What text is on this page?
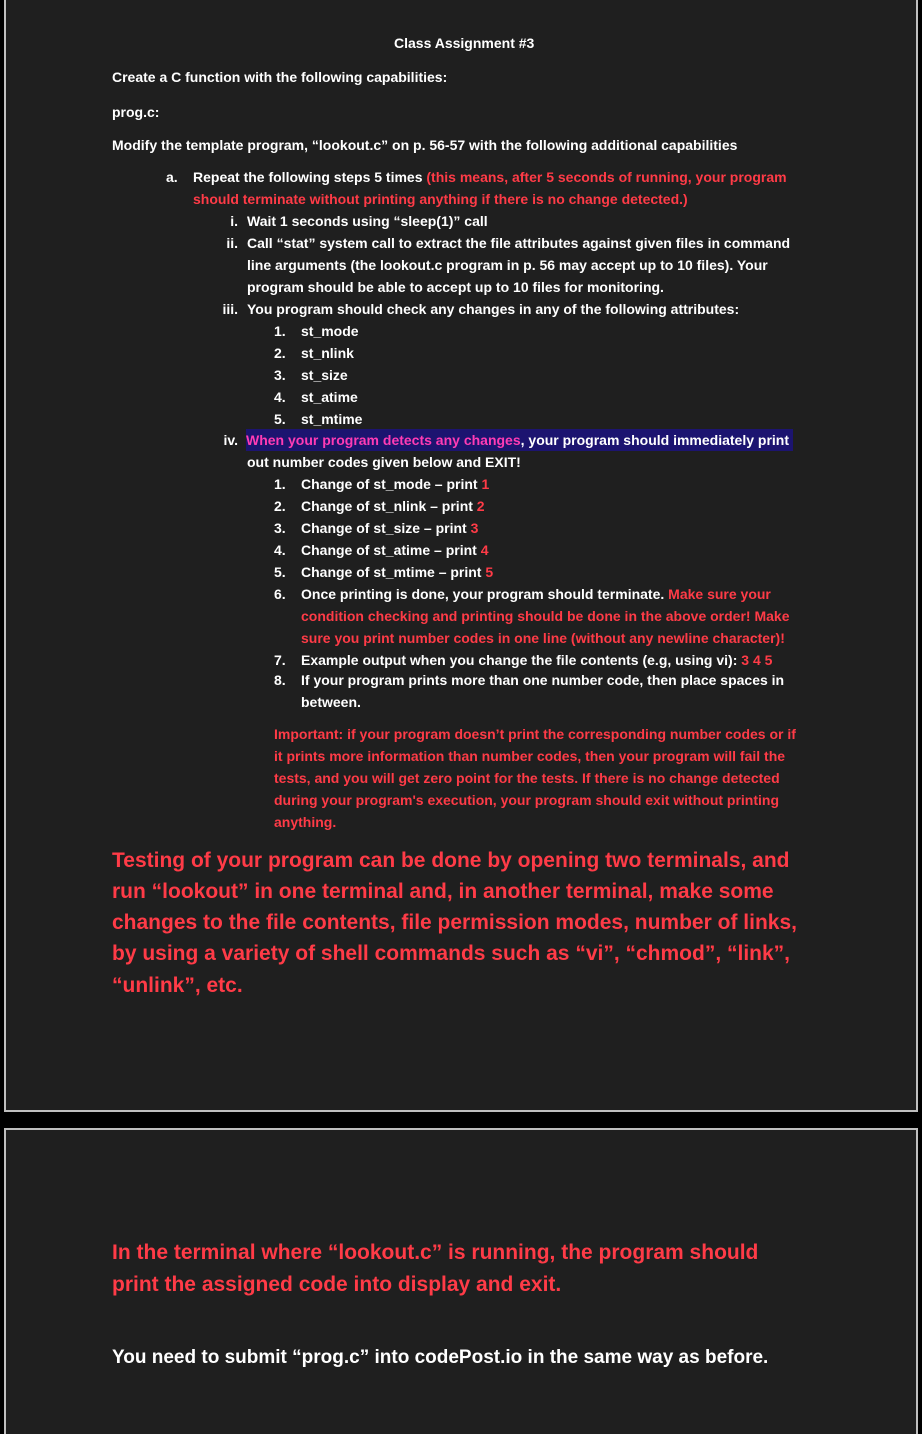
Class Assignment #3
Create a C function with the following capabilities:
prog.c:
Modify the template program, “lookout.c” on p. 56-57 with the following additional capabilities
a. Repeat the following steps 5 times (this means, after 5 seconds of running, your program
should terminate without printing anything if there is no change detected.)
i. Wait 1 seconds using “sleep(1)” call
ii. Call “stat” system call to extract the file attributes against given files in command
line arguments (the lookout.c program in p. 56 may accept up to 10 files). Your
program should be able to accept up to 10 files for monitoring.
iii. You program should check any changes in any of the following attributes:
1. st_mode
2. st_nlink
3. st_size
4. st_atime
5. st_mtime
iv. When your program detects any changes, your program should immediately print
out number codes given below and EXIT!
1. Change of st_mode – print 1
2. Change of st_nlink – print 2
3. Change of st_size – print 3
4. Change of st_atime – print 4
5. Change of st_mtime – print 5
6. Once printing is done, your program should terminate. Make sure your
condition checking and printing should be done in the above order! Make
sure you print number codes in one line (without any newline character)!
7. Example output when you change the file contents (e.g, using vi): 3 4 5
8. If your program prints more than one number code, then place spaces in
between.
Important: if your program doesn’t print the corresponding number codes or if
it prints more information than number codes, then your program will fail the
tests, and you will get zero point for the tests. If there is no change detected
during your program's execution, your program should exit without printing
anything.
Testing of your program can be done by opening two terminals, and
run “lookout” in one terminal and, in another terminal, make some
changes to the file contents, file permission modes, number of links,
by using a variety of shell commands such as “vi”, “chmod”, “link”,
“unlink”, etc.
In the terminal where “lookout.c” is running, the program should
print the assigned code into display and exit.
You need to submit “prog.c” into codePost.io in the same way as before.
